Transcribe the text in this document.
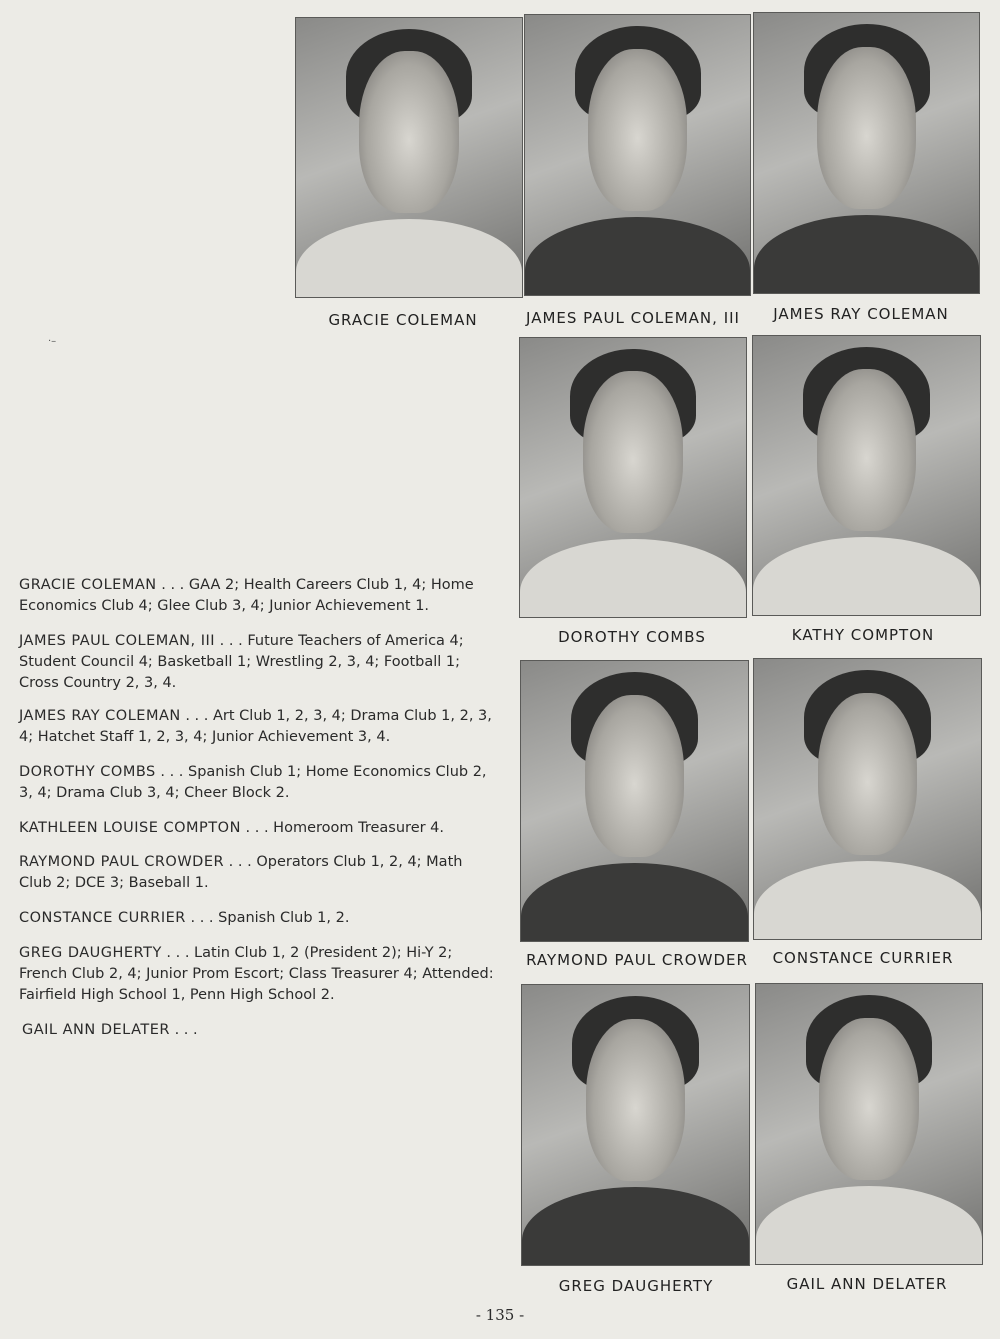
·–
GRACIE COLEMAN	JAMES PAUL COLEMAN, III	JAMES RAY COLEMAN
DOROTHY COMBS	KATHY COMPTON
RAYMOND PAUL CROWDER	CONSTANCE CURRIER
GREG DAUGHERTY	GAIL ANN DELATER

GRACIE COLEMAN . . . GAA 2; Health Careers Club 1, 4; Home Economics Club 4; Glee Club 3, 4; Junior Achievement 1.

JAMES PAUL COLEMAN, III . . . Future Teachers of America 4; Student Council 4; Basketball 1; Wrestling 2, 3, 4; Football 1; Cross Country 2, 3, 4.

JAMES RAY COLEMAN . . . Art Club 1, 2, 3, 4; Drama Club 1, 2, 3, 4; Hatchet Staff 1, 2, 3, 4; Junior Achievement 3, 4.

DOROTHY COMBS . . . Spanish Club 1; Home Economics Club 2, 3, 4; Drama Club 3, 4; Cheer Block 2.

KATHLEEN LOUISE COMPTON . . . Homeroom Treasurer 4.

RAYMOND PAUL CROWDER . . . Operators Club 1, 2, 4; Math Club 2; DCE 3; Baseball 1.

CONSTANCE CURRIER . . . Spanish Club 1, 2.

GREG DAUGHERTY . . . Latin Club 1, 2 (President 2); Hi-Y 2; French Club 2, 4; Junior Prom Escort; Class Treasurer 4; Attended: Fairfield High School 1, Penn High School 2.

GAIL ANN DELATER . . .

- 135 -
